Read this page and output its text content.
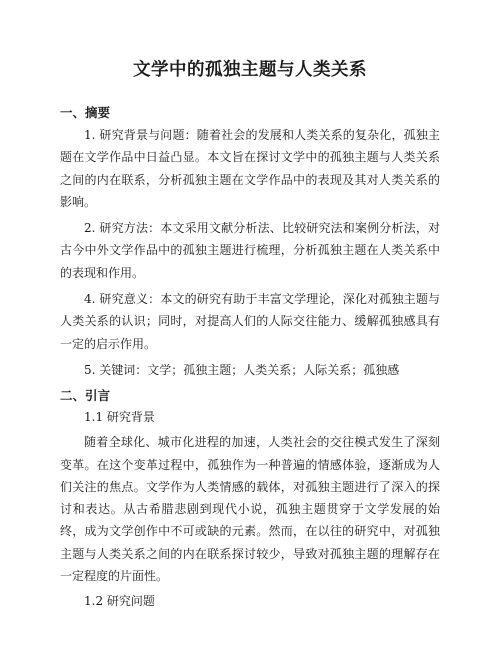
文学中的孤独主题与人类关系
一、摘要

1. 研究背景与问题：随着社会的发展和人类关系的复杂化，孤独主题在文学作品中日益凸显。本文旨在探讨文学中的孤独主题与人类关系之间的内在联系，分析孤独主题在文学作品中的表现及其对人类关系的影响。

2. 研究方法：本文采用文献分析法、比较研究法和案例分析法，对古今中外文学作品中的孤独主题进行梳理，分析孤独主题在人类关系中的表现和作用。

4. 研究意义：本文的研究有助于丰富文学理论，深化对孤独主题与人类关系的认识；同时，对提高人们的人际交往能力、缓解孤独感具有一定的启示作用。

5. 关键词：文学；孤独主题；人类关系；人际关系；孤独感

二、引言
1.1 研究背景

随着全球化、城市化进程的加速，人类社会的交往模式发生了深刻变革。在这个变革过程中，孤独作为一种普遍的情感体验，逐渐成为人们关注的焦点。文学作为人类情感的载体，对孤独主题进行了深入的探讨和表达。从古希腊悲剧到现代小说，孤独主题贯穿于文学发展的始终，成为文学创作中不可或缺的元素。然而，在以往的研究中，对孤独主题与人类关系之间的内在联系探讨较少，导致对孤独主题的理解存在一定程度的片面性。

1.2 研究问题
